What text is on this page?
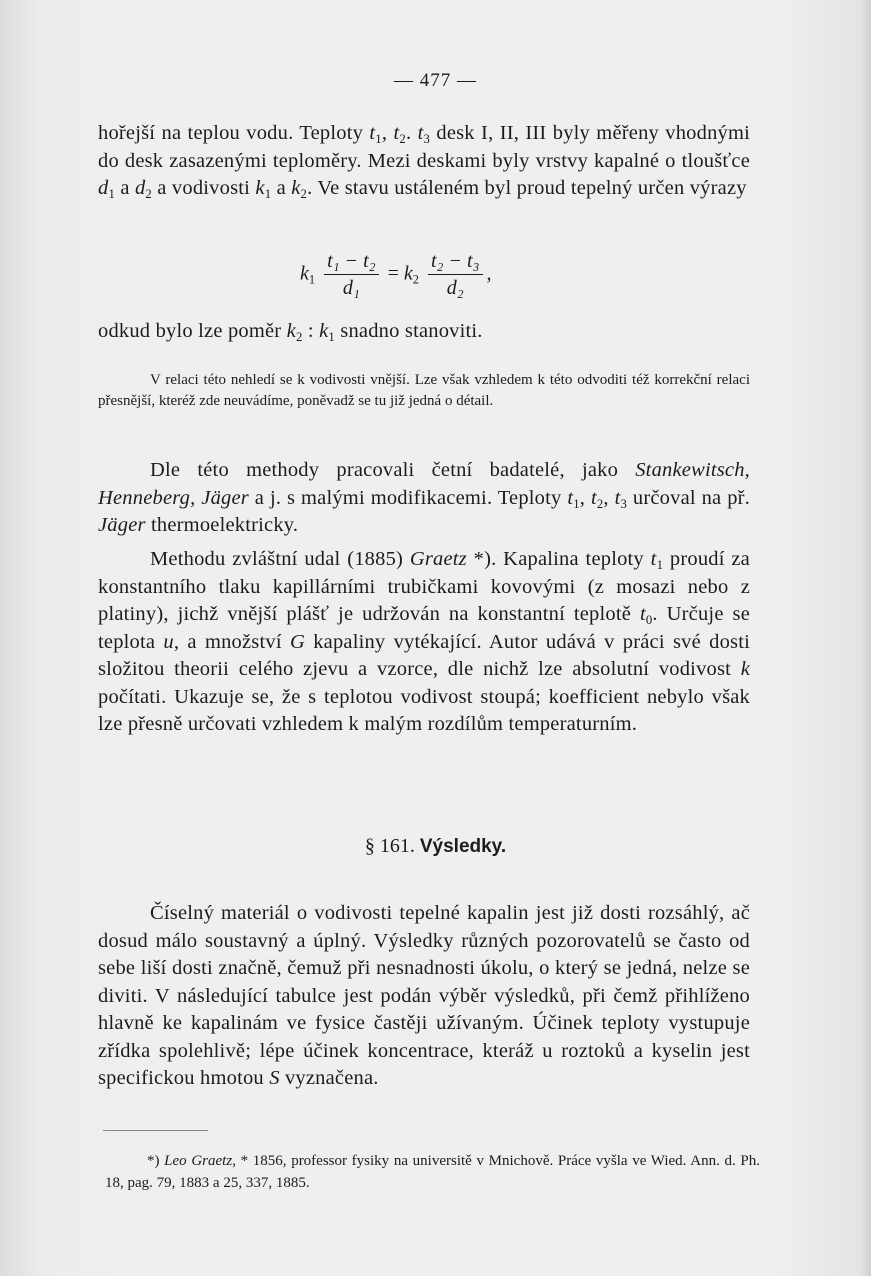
— 477 —
hořejší na teplou vodu. Teploty $t_1$, $t_2$. $t_3$ desk I, II, III byly měřeny vhodnými do desk zasazenými teploměry. Mezi deskami byly vrstvy kapalné o tloušťce $d_1$ a $d_2$ a vodivosti $k_1$ a $k_2$. Ve stavu ustáleném byl proud tepelný určen výrazy
$k_1 \frac{\text{t₁ − t₂}}{\text{d₁}} = k_2 \frac{\text{t₂ − t₃}}{\text{d₂}}$ ,
odkud bylo lze poměr $k_2$ : $k_1$ snadno stanoviti.
V relaci této nehledí se k vodivosti vnější. Lze však vzhledem k této odvoditi též korrekční relaci přesnější, kteréž zde neuvádíme, poněvadž se tu již jedná o détail.
Dle této methody pracovali četní badatelé, jako Stankewitsch, Henneberg, Jäger a j. s malými modifikacemi. Teploty $t_1$, $t_2$, $t_3$ určoval na př. Jäger thermoelektricky.
Methodu zvláštní udal (1885) Graetz *). Kapalina teploty $t_1$ proudí za konstantního tlaku kapillárními trubičkami kovovými (z mosazi nebo z platiny), jichž vnější plášť je udržován na konstantní teplotě $t_0$. Určuje se teplota u, a množství G kapaliny vytékající. Autor udává v práci své dosti složitou theorii celého zjevu a vzorce, dle nichž lze absolutní vodivost k počítati. Ukazuje se, že s teplotou vodivost stoupá; koefficient nebylo však lze přesně určovati vzhledem k malým rozdílům temperaturním.
§ 161. Výsledky.
Číselný materiál o vodivosti tepelné kapalin jest již dosti rozsáhlý, ač dosud málo soustavný a úplný. Výsledky různých pozorovatelů se často od sebe liší dosti značně, čemuž při nesnadnosti úkolu, o který se jedná, nelze se diviti. V následující tabulce jest podán výběr výsledků, při čemž přihlíženo hlavně ke kapalinám ve fysice častěji užívaným. Účinek teploty vystupuje zřídka spolehlivě; lépe účinek koncentrace, kteráž u roztoků a kyselin jest specifickou hmotou S vyznačena.
*) Leo Graetz, * 1856, professor fysiky na universitě v Mnichově. Práce vyšla ve Wied. Ann. d. Ph. 18, pag. 79, 1883 a 25, 337, 1885.
